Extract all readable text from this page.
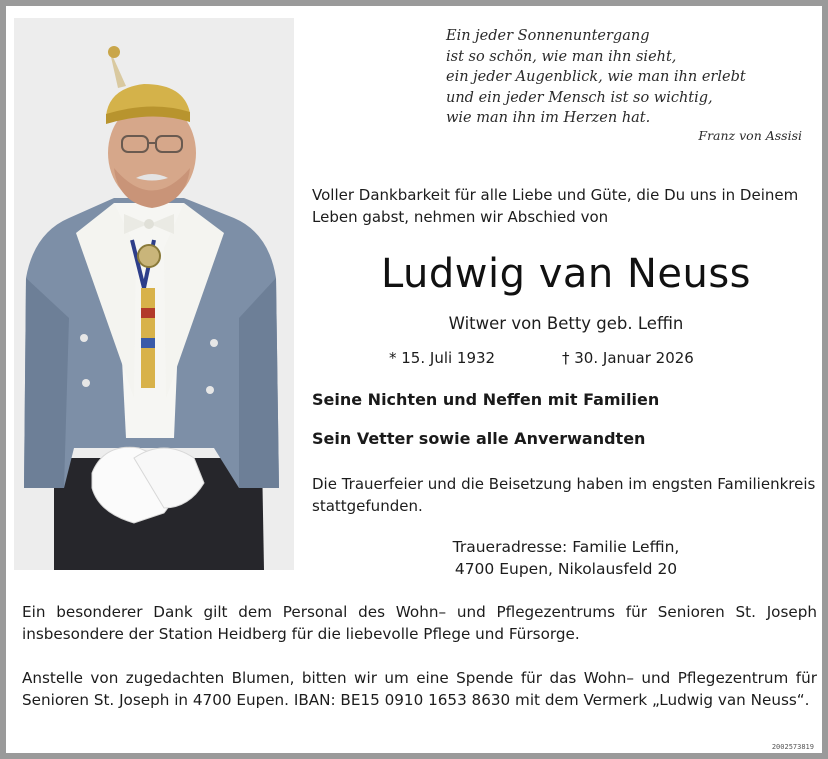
Ein jeder Sonnenuntergang
ist so schön, wie man ihn sieht,
ein jeder Augenblick, wie man ihn erlebt
und ein jeder Mensch ist so wichtig,
wie man ihn im Herzen hat.
Franz von Assisi
Voller Dankbarkeit für alle Liebe und Güte, die Du uns in Deinem Leben gabst, nehmen wir Abschied von
Ludwig van Neuss
Witwer von Betty geb. Leffin
* 15. Juli 1932	† 30. Januar 2026
Seine Nichten und Neffen mit Familien
Sein Vetter sowie alle Anverwandten
Die Trauerfeier und die Beisetzung haben im engsten Familienkreis stattgefunden.
Traueradresse: Familie Leffin,
4700 Eupen, Nikolausfeld 20
Ein besonderer Dank gilt dem Personal des Wohn– und Pflegezentrums für Senioren St. Joseph insbesondere der Station Heidberg für die liebevolle Pflege und Fürsorge.
Anstelle von zugedachten Blumen, bitten wir um eine Spende für das Wohn– und Pflegezentrum für Senioren St. Joseph in 4700 Eupen. IBAN: BE15 0910 1653 8630 mit dem Vermerk „Ludwig van Neuss“.
2002573819
